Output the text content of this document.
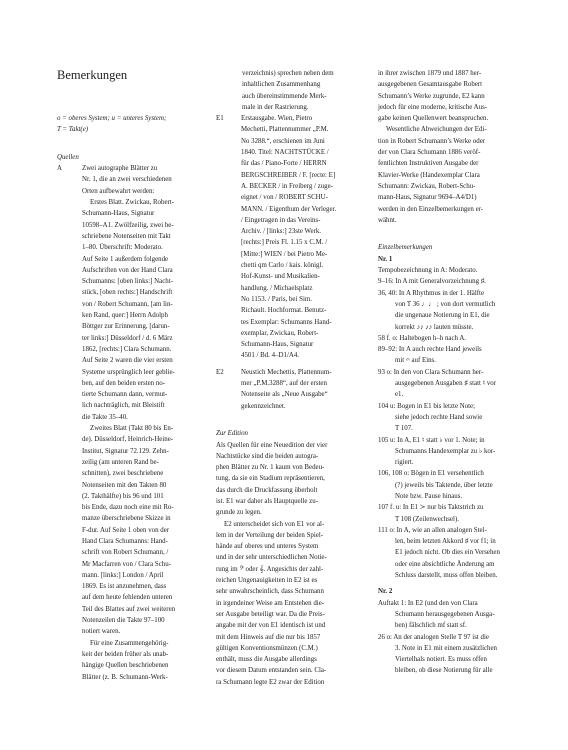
Bemerkungen
o = oberes System; u = unteres System;
T = Takt(e)
Quellen
A	Zwei autographe Blätter zu
Nr. 1, die an zwei verschiedenen
Orten aufbewahrt werden:
Erstes Blatt. Zwickau, Robert-
Schumann-Haus, Signatur
10598–A1. Zwölfzeilig, zwei be-
schriebene Notenseiten mit Takt
1–80. Überschrift: Moderato.
Auf Seite 1 außerdem folgende
Aufschriften von der Hand Clara
Schumanns: [oben links:] Nacht-
stück, [oben rechts:] Handschrift
von / Robert Schumann, [am lin-
ken Rand, quer:] Herrn Adolph
Böttger zur Erinnerung, [darun-
ter links:] Düsseldorf / d. 6 März
1862, [rechts:] Clara Schumann.
Auf Seite 2 waren die vier ersten
Systeme ursprünglich leer geblie-
ben, auf den beiden ersten no-
tierte Schumann dann, vermut-
lich nachträglich, mit Bleistift
die Takte 35–40.
Zweites Blatt (Takt 80 bis En-
de). Düsseldorf, Heinrich-Heine-
Institut, Signatur 72.129. Zehn-
zeilig (am unteren Rand be-
schnitten), zwei beschriebene
Notenseiten mit den Takten 80
(2. Takthälfte) bis 96 und 101
bis Ende, dazu noch eine mit Ro-
manze überschriebene Skizze in
F-dur. Auf Seite 1 oben von der
Hand Clara Schumanns: Hand-
schrift von Robert Schumann, /
Mr Macfarren von / Clara Schu-
mann. [links:] London / April
1869. Es ist anzunehmen, dass
auf dem heute fehlenden unteren
Teil des Blattes auf zwei weiteren
Notenzeilen die Takte 97–100
notiert waren.
Für eine Zusammengehörig-
keit der beiden früher als unab-
hängige Quellen beschriebenen
Blätter (z. B. Schumann-Werk-
verzeichnis) sprechen neben dem
inhaltlichen Zusammenhang
auch übereinstimmende Merk-
male in der Rastrierung.
E1	Erstausgabe. Wien, Pietro
Mechetti, Plattennummer „P.M.
No 3288.“, erschienen im Juni
1840. Titel: NACHTSTÜCKE /
für das / Piano-Forte / HERRN
BERGSCHREIBER / F. [recte: E]
A. BECKER / in Freiberg / zuge-
eignet / von / ROBERT SCHU-
MANN. / Eigenthum der Verleger.
/ Eingetragen in das Vereins-
Archiv. / [links:] 23ste Werk.
[rechts:] Preis Fl. 1.15 x C.M. /
[Mitte:] WIEN / bei Pietro Me-
chetti qm Carlo / kais. königl.
Hof-Kunst- und Musikalien-
handlung. / Michaelsplatz
No 1153. / Paris, bei Sim.
Richault. Hochformat. Benutz-
tes Exemplar: Schumanns Hand-
exemplar, Zwickau, Robert-
Schumann-Haus, Signatur
4501 / Bd. 4–D1/A4.
E2	Neustich Mechettis, Plattennum-
mer „P.M.3288“, auf der ersten
Notenseite als „Neue Ausgabe“
gekennzeichnet.
Zur Edition
Als Quellen für eine Neuedition der vier
Nachtstücke sind die beiden autogra-
phen Blätter zu Nr. 1 kaum von Bedeu-
tung, da sie ein Stadium repräsentieren,
das durch die Druckfassung überholt
ist. E1 war daher als Hauptquelle zu-
grunde zu legen.
E2 unterscheidet sich von E1 vor al-
lem in der Verteilung der beiden Spiel-
hände auf oberes und unteres System
und in der sehr unterschiedlichen Notie-
rung im 𝄢 oder 𝄞. Angesichts der zahl-
reichen Ungenauigkeiten in E2 ist es
sehr unwahrscheinlich, dass Schumann
in irgendeiner Weise am Entstehen die-
ser Ausgabe beteiligt war. Da die Preis-
angabe mit der von E1 identisch ist und
mit dem Hinweis auf die nur bis 1857
gültigen Konventionsmünzen (C.M.)
enthält, muss die Ausgabe allerdings
vor diesem Datum entstanden sein. Cla-
ra Schumann legte E2 zwar der Edition
in ihrer zwischen 1879 und 1887 her-
ausgegebenen Gesamtausgabe Robert
Schumann’s Werke zugrunde, E2 kann
jedoch für eine moderne, kritische Aus-
gabe keinen Quellenwert beanspruchen.
Wesentliche Abweichungen der Edi-
tion in Robert Schumann’s Werke oder
der von Clara Schumann 1886 veröf-
fentlichten Instruktiven Ausgabe der
Klavier-Werke (Handexemplar Clara
Schumann: Zwickau, Robert-Schu-
mann-Haus, Signatur 9694–A4/D1)
werden in den Einzelbemerkungen er-
wähnt.
Einzelbemerkungen
Nr. 1
Tempobezeichnung in A: Moderato.
9–16: In A mit Generalvorzeichnung ♯.
36, 40: In A Rhythmus in der 1. Hälfte
von T 36 ♩♩ ; von dort vermutlich
die ungenaue Notierung in E1, die
korrekt ♪♪ ♪♪ lauten müsste.
58 f. o: Haltebogen h–h nach A.
89–92: In A auch rechte Hand jeweils
mit 𝄐 auf Eins.
93 o: In den von Clara Schumann her-
ausgegebenen Ausgaben ♯ statt ♮ vor
e1.
104 u: Bogen in E1 bis letzte Note;
siehe jedoch rechte Hand sowie
T 107.
105 u: In A, E1 ♮ statt ♭ vor 1. Note; in
Schumanns Handexemplar zu ♭ kor-
rigiert.
106, 108 o: Bögen in E1 versehentlich
(?) jeweils bis Taktende, über letzte
Note bzw. Pause hinaus.
107 f. u: In E1 ≻ nur bis Taktstrich zu
T 108 (Zeilenwechsel).
111 o: In A, wie an allen analogen Stel-
len, beim letzten Akkord ♯ vor f1; in
E1 jedoch nicht. Ob dies ein Versehen
oder eine absichtliche Änderung am
Schluss darstellt, muss offen bleiben.
Nr. 2
Auftakt 1: In E2 (und den von Clara
Schumann herausgegebenen Ausga-
ben) fälschlich mf statt sf.
26 o: An der analogen Stelle T 97 ist die
3. Note in E1 mit einem zusätzlichen
Viertelhals notiert. Es muss offen
bleiben, ob diese Notierung für alle
